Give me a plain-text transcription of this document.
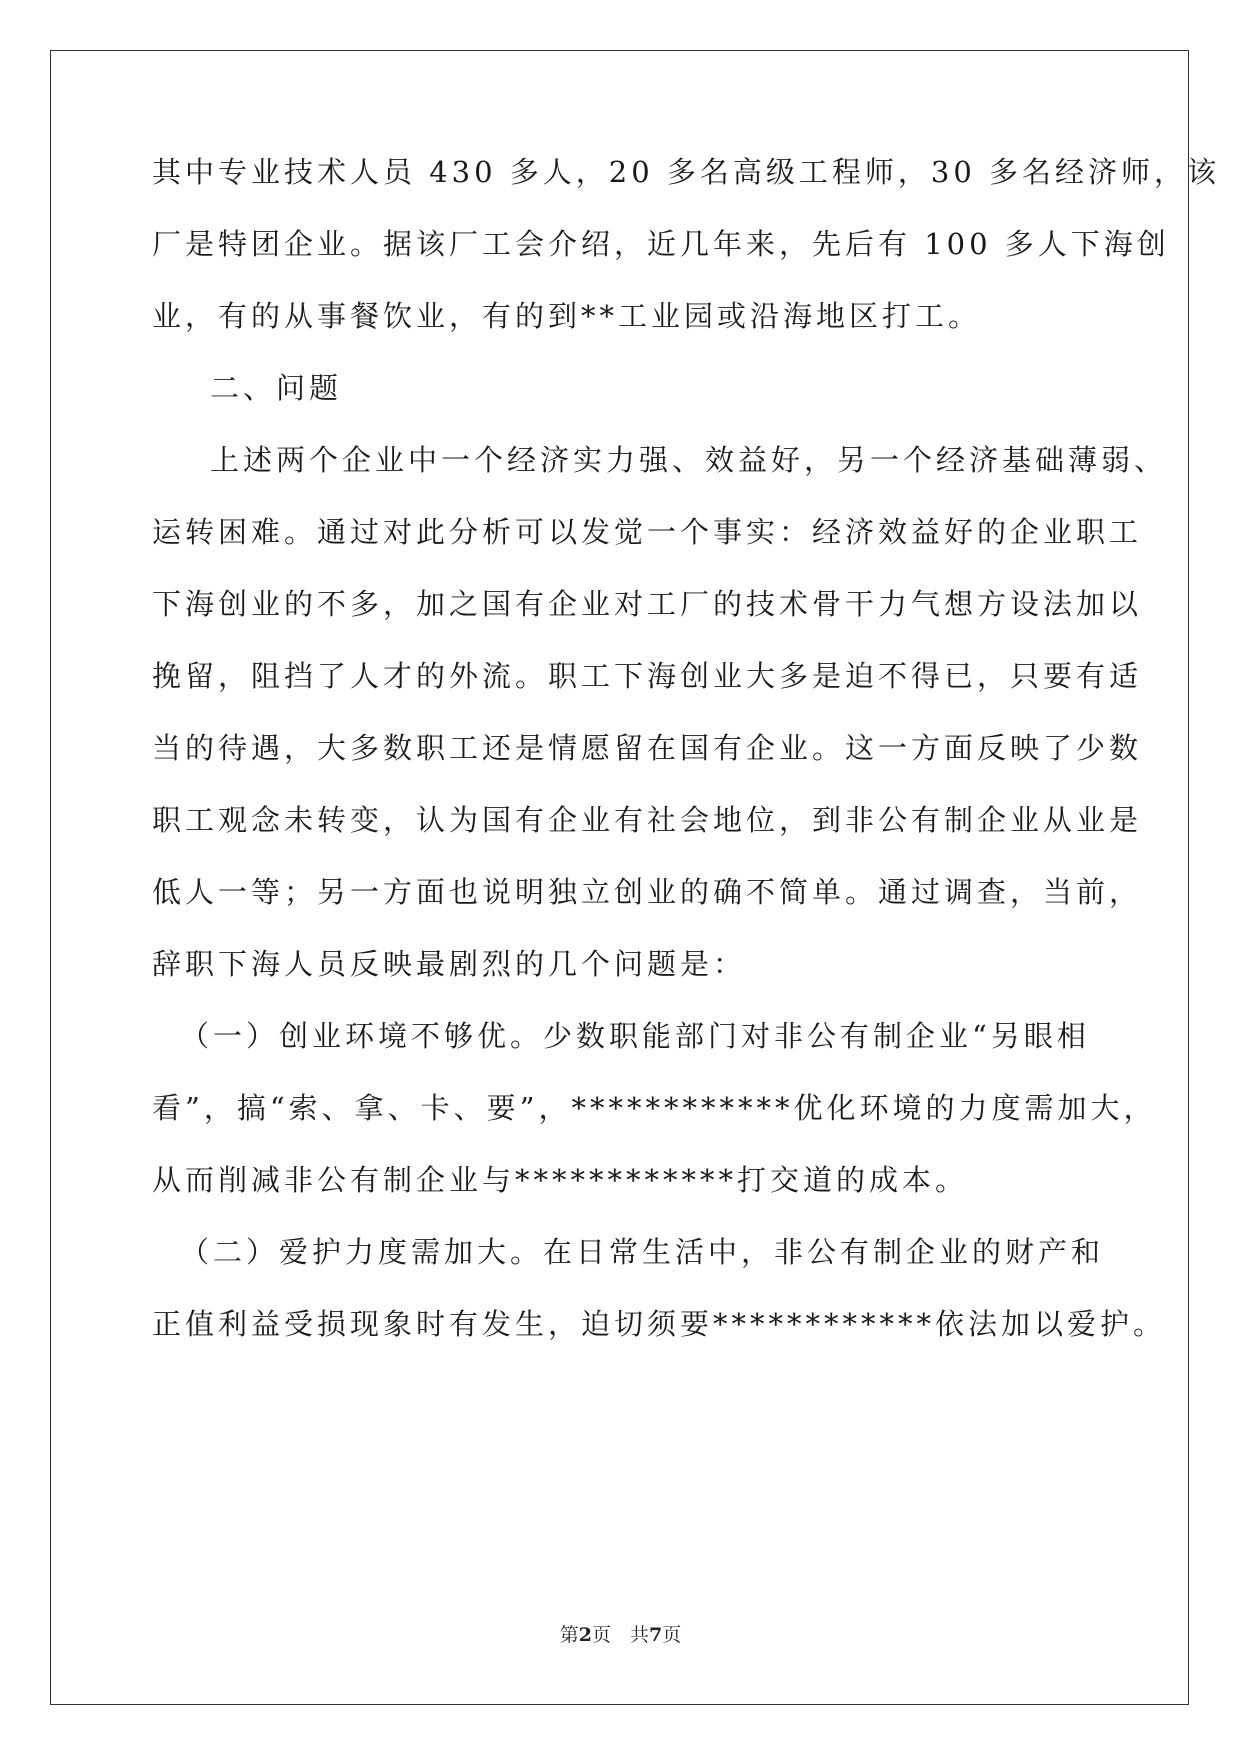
其中专业技术人员 430 多人，20 多名高级工程师，30 多名经济师，该
厂是特团企业。据该厂工会介绍，近几年来，先后有 100 多人下海创
业，有的从事餐饮业，有的到**工业园或沿海地区打工。
二、问题
上述两个企业中一个经济实力强、效益好，另一个经济基础薄弱、
运转困难。通过对此分析可以发觉一个事实：经济效益好的企业职工
下海创业的不多，加之国有企业对工厂的技术骨干力气想方设法加以
挽留，阻挡了人才的外流。职工下海创业大多是迫不得已，只要有适
当的待遇，大多数职工还是情愿留在国有企业。这一方面反映了少数
职工观念未转变，认为国有企业有社会地位，到非公有制企业从业是
低人一等；另一方面也说明独立创业的确不简单。通过调查，当前，
辞职下海人员反映最剧烈的几个问题是：
（一）创业环境不够优。少数职能部门对非公有制企业“另眼相
看”，搞“索、拿、卡、要”，************优化环境的力度需加大，
从而削减非公有制企业与************打交道的成本。
（二）爱护力度需加大。在日常生活中，非公有制企业的财产和
正值利益受损现象时有发生，迫切须要************依法加以爱护。
第2页　共7页
